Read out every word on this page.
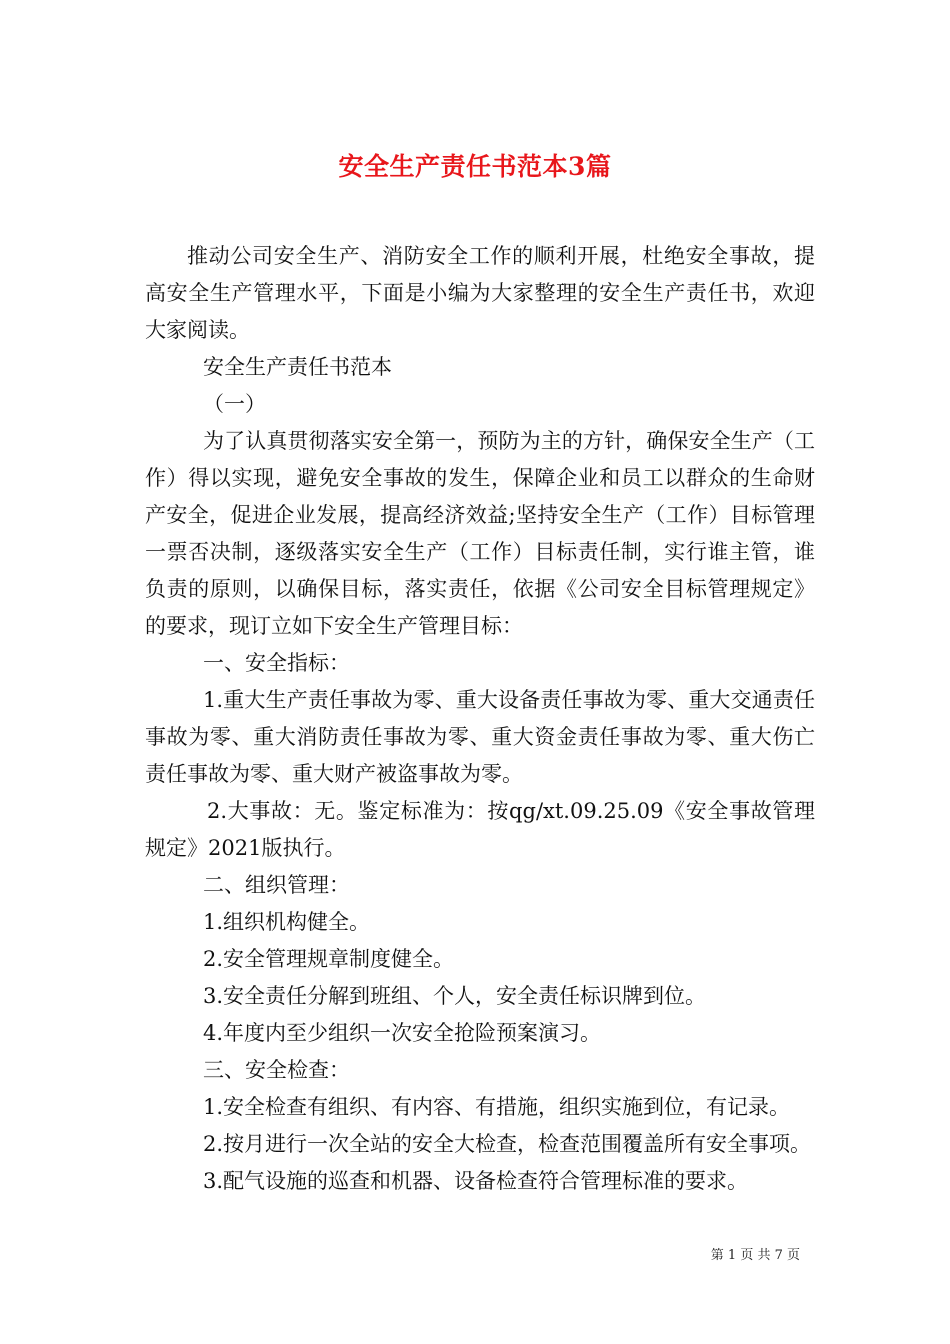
安全生产责任书范本3篇

推动公司安全生产、消防安全工作的顺利开展，杜绝安全事故，提高安全生产管理水平，下面是小编为大家整理的安全生产责任书，欢迎大家阅读。

安全生产责任书范本

（一）

为了认真贯彻落实安全第一，预防为主的方针，确保安全生产（工作）得以实现，避免安全事故的发生，保障企业和员工以群众的生命财产安全，促进企业发展，提高经济效益;坚持安全生产（工作）目标管理一票否决制，逐级落实安全生产（工作）目标责任制，实行谁主管，谁负责的原则，以确保目标，落实责任，依据《公司安全目标管理规定》的要求，现订立如下安全生产管理目标：

一、安全指标：

1.重大生产责任事故为零、重大设备责任事故为零、重大交通责任事故为零、重大消防责任事故为零、重大资金责任事故为零、重大伤亡责任事故为零、重大财产被盗事故为零。

2.大事故：无。鉴定标准为：按qg/xt.09.25.09《安全事故管理规定》2021版执行。

二、组织管理：

1.组织机构健全。

2.安全管理规章制度健全。

3.安全责任分解到班组、个人，安全责任标识牌到位。

4.年度内至少组织一次安全抢险预案演习。

三、安全检查：

1.安全检查有组织、有内容、有措施，组织实施到位，有记录。

2.按月进行一次全站的安全大检查，检查范围覆盖所有安全事项。

3.配气设施的巡查和机器、设备检查符合管理标准的要求。

第 1 页 共 7 页
